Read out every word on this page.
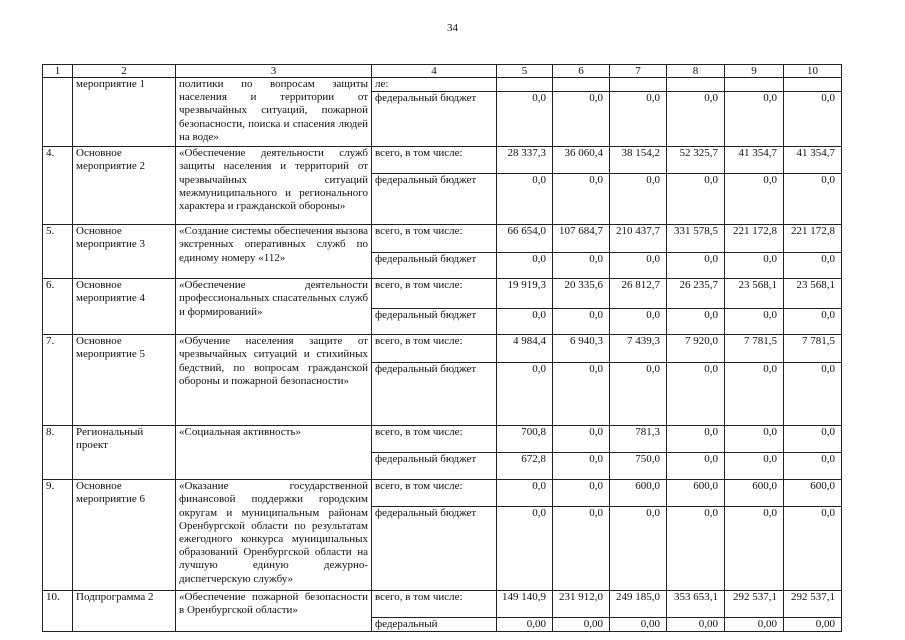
34
1	2	3	4	5	6	7	8	9	10
	мероприятие 1	политики по вопросам защиты населения и территории от чрезвычайных ситуаций, пожарной безопасности, поиска и спасения людей на воде»	ле:						
			федеральный бюджет	0,0	0,0	0,0	0,0	0,0	0,0
4.	Основное мероприятие 2	«Обеспечение деятельности служб защиты населения и территорий от чрезвычайных ситуаций межмуниципального и регионального характера и гражданской обороны»	всего, в том числе:	28 337,3	36 060,4	38 154,2	52 325,7	41 354,7	41 354,7
			федеральный бюджет	0,0	0,0	0,0	0,0	0,0	0,0
5.	Основное мероприятие 3	«Создание системы обеспечения вызова экстренных оперативных служб по единому номеру «112»	всего, в том числе:	66 654,0	107 684,7	210 437,7	331 578,5	221 172,8	221 172,8
			федеральный бюджет	0,0	0,0	0,0	0,0	0,0	0,0
6.	Основное мероприятие 4	«Обеспечение деятельности профессиональных спасательных служб и формирований»	всего, в том числе:	19 919,3	20 335,6	26 812,7	26 235,7	23 568,1	23 568,1
			федеральный бюджет	0,0	0,0	0,0	0,0	0,0	0,0
7.	Основное мероприятие 5	«Обучение населения защите от чрезвычайных ситуаций и стихийных бедствий, по вопросам гражданской обороны и пожарной безопасности»	всего, в том числе:	4 984,4	6 940,3	7 439,3	7 920,0	7 781,5	7 781,5
			федеральный бюджет	0,0	0,0	0,0	0,0	0,0	0,0
8.	Региональный проект	«Социальная активность»	всего, в том числе:	700,8	0,0	781,3	0,0	0,0	0,0
			федеральный бюджет	672,8	0,0	750,0	0,0	0,0	0,0
9.	Основное мероприятие 6	«Оказание государственной финансовой поддержки городским округам и муниципальным районам Оренбургской области по результатам ежегодного конкурса муниципальных образований Оренбургской области на лучшую единую дежурно-диспетчерскую службу»	всего, в том числе:	0,0	0,0	600,0	600,0	600,0	600,0
			федеральный бюджет	0,0	0,0	0,0	0,0	0,0	0,0
10.	Подпрограмма 2	«Обеспечение пожарной безопасности в Оренбургской области»	всего, в том числе:	149 140,9	231 912,0	249 185,0	353 653,1	292 537,1	292 537,1
			федеральный	0,00	0,00	0,00	0,00	0,00	0,00
